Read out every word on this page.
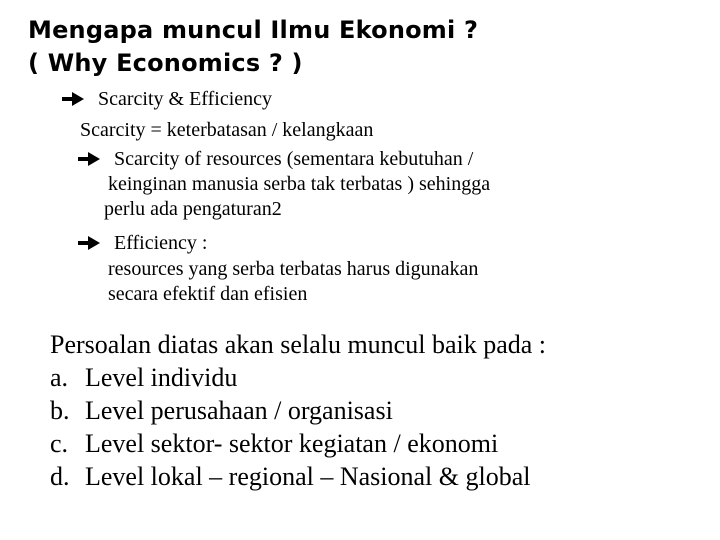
Mengapa muncul Ilmu Ekonomi ?
( Why Economics ? )
Scarcity & Efficiency
Scarcity = keterbatasan / kelangkaan
Scarcity of resources (sementara kebutuhan /
keinginan manusia serba tak terbatas ) sehingga
perlu ada pengaturan2
Efficiency :
resources yang serba terbatas harus digunakan
secara efektif dan efisien
Persoalan diatas akan selalu muncul baik pada :
a. Level individu
b. Level perusahaan / organisasi
c. Level sektor- sektor kegiatan / ekonomi
d. Level lokal – regional – Nasional & global
